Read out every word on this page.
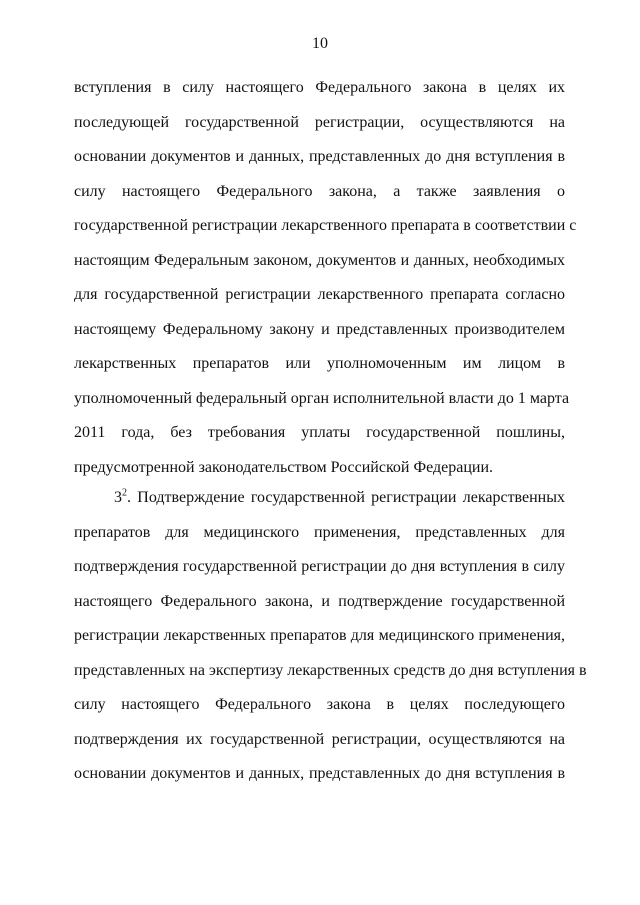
10
вступления в силу настоящего Федерального закона в целях их
последующей государственной регистрации, осуществляются на
основании документов и данных, представленных до дня вступления в
силу настоящего Федерального закона, а также заявления о
государственной регистрации лекарственного препарата в соответствии с
настоящим Федеральным законом, документов и данных, необходимых
для государственной регистрации лекарственного препарата согласно
настоящему Федеральному закону и представленных производителем
лекарственных препаратов или уполномоченным им лицом в
уполномоченный федеральный орган исполнительной власти до 1 марта
2011 года, без требования уплаты государственной пошлины,
предусмотренной законодательством Российской Федерации.
$3^2$. Подтверждение государственной регистрации лекарственных
препаратов для медицинского применения, представленных для
подтверждения государственной регистрации до дня вступления в силу
настоящего Федерального закона, и подтверждение государственной
регистрации лекарственных препаратов для медицинского применения,
представленных на экспертизу лекарственных средств до дня вступления в
силу настоящего Федерального закона в целях последующего
подтверждения их государственной регистрации, осуществляются на
основании документов и данных, представленных до дня вступления в
